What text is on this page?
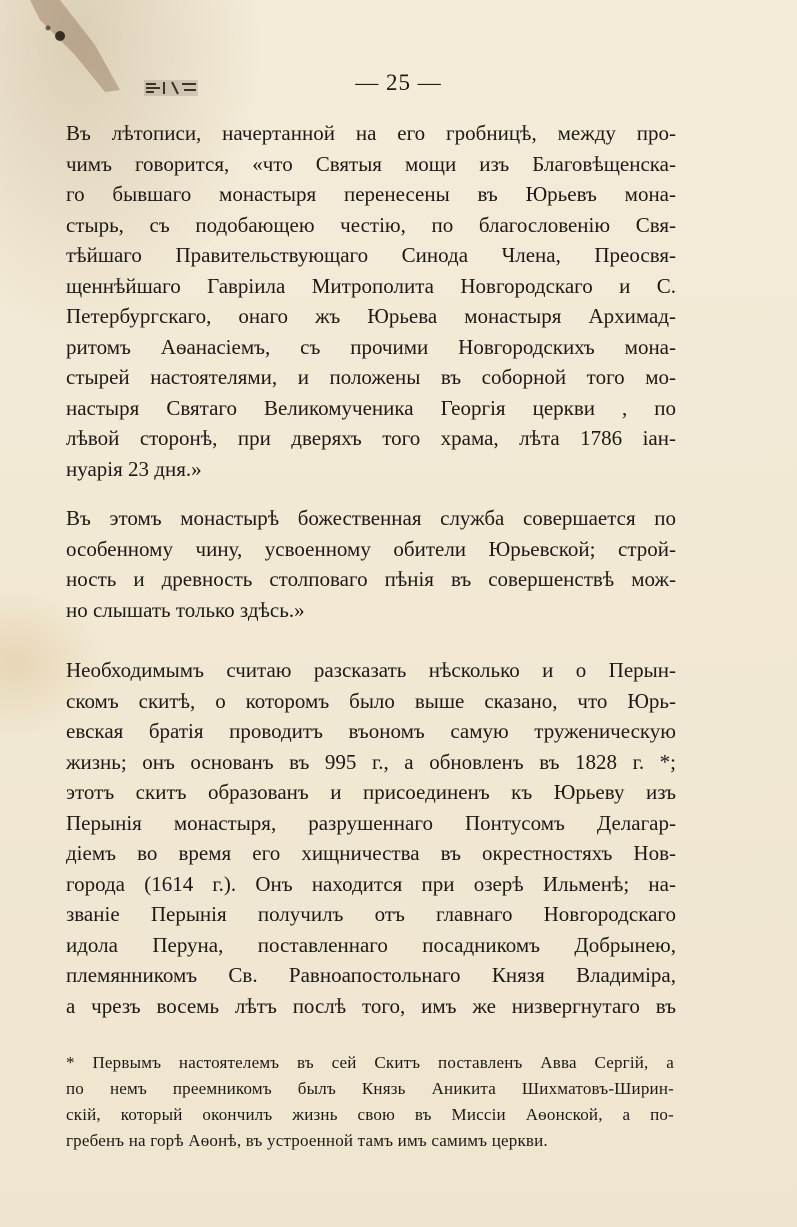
— 25 —
Въ лѣтописи, начертанной на его гробницѣ, между про-
чимъ говорится, «что Святыя мощи изъ Благовѣщенска-
го бывшаго монастыря перенесены въ Юрьевъ мона-
стырь, съ подобающею честію, по благословенію Свя-
тѣйшаго Правительствующаго Синода Члена, Преосвя-
щеннѣйшаго Гавріила Митрополита Новгородскаго и С.
Петербургскаго, онаго жъ Юрьева монастыря Архимад-
ритомъ Аѳанасіемъ, съ прочими Новгородскихъ мона-
стырей настоятелями, и положены въ соборной того мо-
настыря Святаго Великомученика Георгія церкви , по
лѣвой сторонѣ, при дверяхъ того храма, лѣта 1786 іан-
нуарія 23 дня.»
Въ этомъ монастырѣ божественная служба совершается по
особенному чину, усвоенному обители Юрьевской; строй-
ность и древность столповаго пѣнія въ совершенствѣ мож-
но слышать только здѣсь.»
Необходимымъ считаю разсказать нѣсколько и о Перын-
скомъ скитѣ, о которомъ было выше сказано, что Юрь-
евская братія проводитъ въономъ самую труженическую
жизнь; онъ основанъ въ 995 г., а обновленъ въ 1828 г. *;
этотъ скитъ образованъ и присоединенъ къ Юрьеву изъ
Перынія монастыря, разрушеннаго Понтусомъ Делагар-
діемъ во время его хищничества въ окрестностяхъ Нов-
города (1614 г.). Онъ находится при озерѣ Ильменѣ; на-
званіе Перынія получилъ отъ главнаго Новгородскаго
идола Перуна, поставленнаго посадникомъ Добрынею,
племянникомъ Св. Равноапостольнаго Князя Владиміра,
а чрезъ восемь лѣтъ послѣ того, имъ же низвергнутаго въ
* Первымъ настоятелемъ въ сей Скитъ поставленъ Авва Сергій, а
по немъ преемникомъ былъ Князь Аникита Шихматовъ-Ширин-
скій, который окончилъ жизнь свою въ Миссіи Аѳонской, а по-
гребенъ на горѣ Аѳонѣ, въ устроенной тамъ имъ самимъ церкви.
